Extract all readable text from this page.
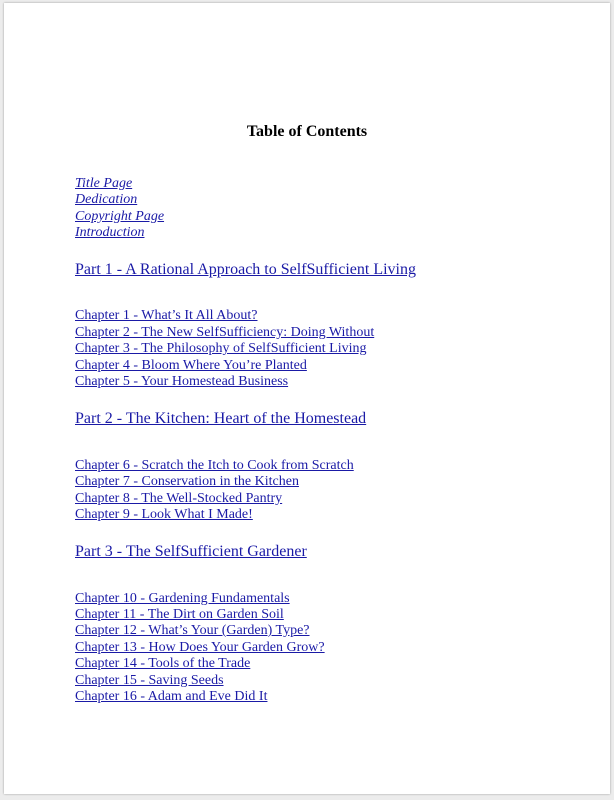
Table of Contents
Title Page
Dedication
Copyright Page
Introduction
Part 1 - A Rational Approach to SelfSufficient Living
Chapter 1 - What’s It All About?
Chapter 2 - The New SelfSufficiency: Doing Without
Chapter 3 - The Philosophy of SelfSufficient Living
Chapter 4 - Bloom Where You’re Planted
Chapter 5 - Your Homestead Business
Part 2 - The Kitchen: Heart of the Homestead
Chapter 6 - Scratch the Itch to Cook from Scratch
Chapter 7 - Conservation in the Kitchen
Chapter 8 - The Well-Stocked Pantry
Chapter 9 - Look What I Made!
Part 3 - The SelfSufficient Gardener
Chapter 10 - Gardening Fundamentals
Chapter 11 - The Dirt on Garden Soil
Chapter 12 - What’s Your (Garden) Type?
Chapter 13 - How Does Your Garden Grow?
Chapter 14 - Tools of the Trade
Chapter 15 - Saving Seeds
Chapter 16 - Adam and Eve Did It
